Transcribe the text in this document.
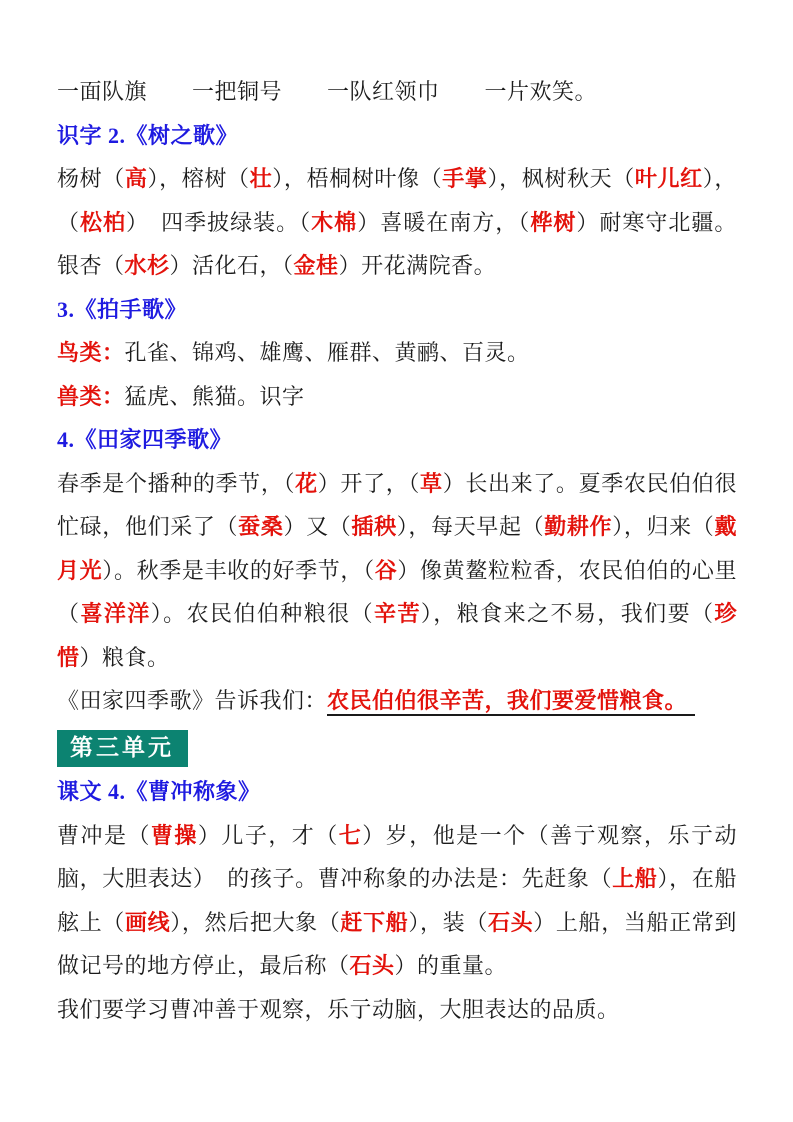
一面队旗　　一把铜号　　一队红领巾　　一片欢笑。

识字 2.《树之歌》

杨树（高），榕树（壮），梧桐树叶像（手掌），枫树秋天（叶儿红），（松柏）　四季披绿装。（木棉）喜暖在南方，（桦树）耐寒守北疆。银杏（水杉）活化石，（金桂）开花满院香。

3.《拍手歌》

鸟类：孔雀、锦鸡、雄鹰、雁群、黄鹂、百灵。

兽类：猛虎、熊猫。识字

4.《田家四季歌》

春季是个播种的季节，（花）开了，（草）长出来了。夏季农民伯伯很忙碌，他们采了（蚕桑）又（插秧），每天早起（勤耕作），归来（戴月光）。秋季是丰收的好季节，（谷）像黄鳌粒粒香，农民伯伯的心里（喜洋洋）。农民伯伯种粮很（辛苦），粮食来之不易，我们要（珍惜）粮食。

《田家四季歌》告诉我们：农民伯伯很辛苦，我们要爱惜粮食。

第三单元

课文 4.《曹冲称象》

曹冲是（曹操）儿子，才（七）岁，他是一个（善亍观察，乐亍动脑，大胆表达）　的孩子。曹冲称象的办法是：先赶象（上船），在船舷上（画线），然后把大象（赶下船），装（石头）上船，当船正常到做记号的地方停止，最后称（石头）的重量。

我们要学习曹冲善于观察，乐亍动脑，大胆表达的品质。
